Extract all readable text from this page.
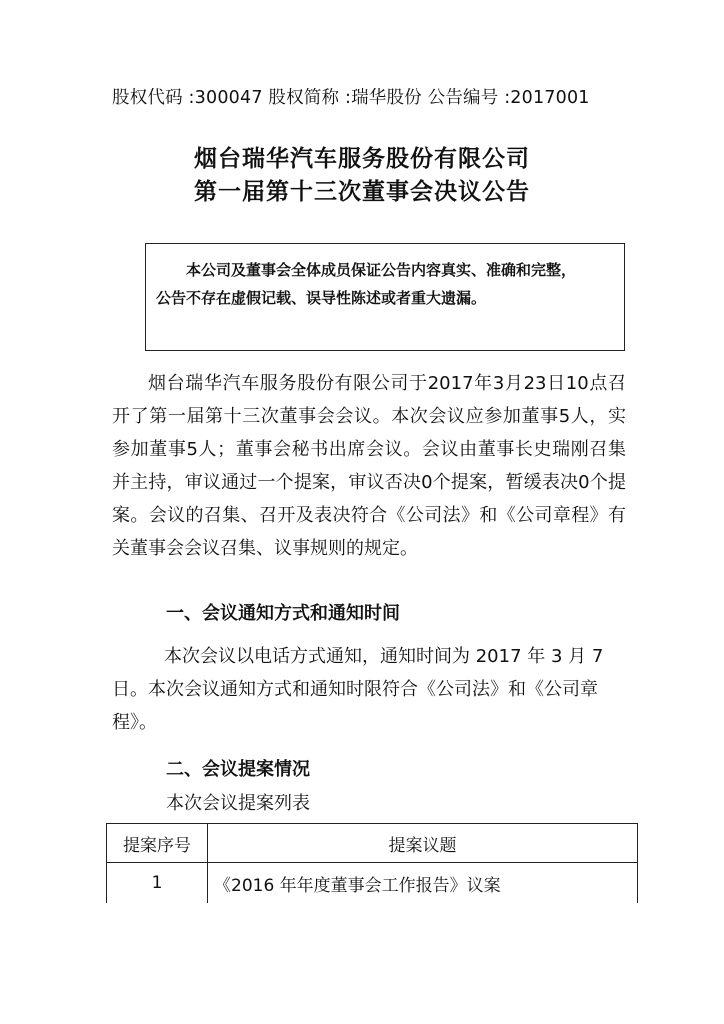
股权代码 :300047 股权简称 :瑞华股份 公告编号 :2017001
烟台瑞华汽车服务股份有限公司
第一届第十三次董事会决议公告
本公司及董事会全体成员保证公告内容真实、准确和完整，
公告不存在虚假记载、误导性陈述或者重大遗漏。
烟台瑞华汽车服务股份有限公司于2017年3月23日10点召开了第一届第十三次董事会会议。本次会议应参加董事5人，实参加董事5人；董事会秘书出席会议。会议由董事长史瑞刚召集并主持，审议通过一个提案，审议否决0个提案，暂缓表决0个提案。会议的召集、召开及表决符合《公司法》和《公司章程》有关董事会会议召集、议事规则的规定。
一、会议通知方式和通知时间
本次会议以电话方式通知，通知时间为 2017 年 3 月 7 日。本次会议通知方式和通知时限符合《公司法》和《公司章程》。
二、会议提案情况
本次会议提案列表
提案序号	提案议题
1	《2016 年年度董事会工作报告》议案
